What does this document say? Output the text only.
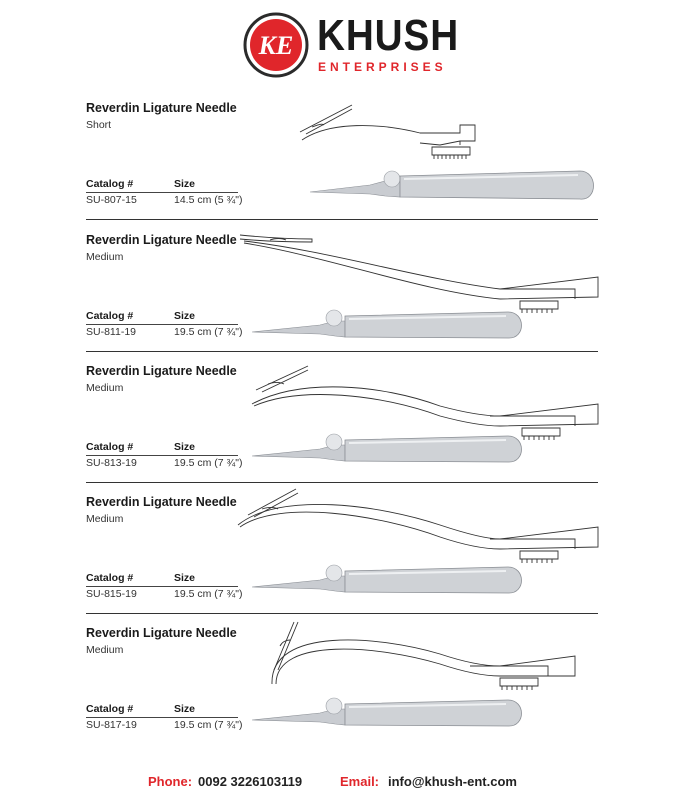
KE KHUSH
ENTERPRISES
Reverdin Ligature Needle
Short
Catalog #	Size
SU-807-15	14.5 cm (5 ¾")
Reverdin Ligature Needle
Medium
Catalog #	Size
SU-811-19	19.5 cm (7 ¾")
Reverdin Ligature Needle
Medium
Catalog #	Size
SU-813-19	19.5 cm (7 ¾")
Reverdin Ligature Needle
Medium
Catalog #	Size
SU-815-19	19.5 cm (7 ¾")
Reverdin Ligature Needle
Medium
Catalog #	Size
SU-817-19	19.5 cm (7 ¾")
Phone: 0092 3226103119	Email: info@khush-ent.com
